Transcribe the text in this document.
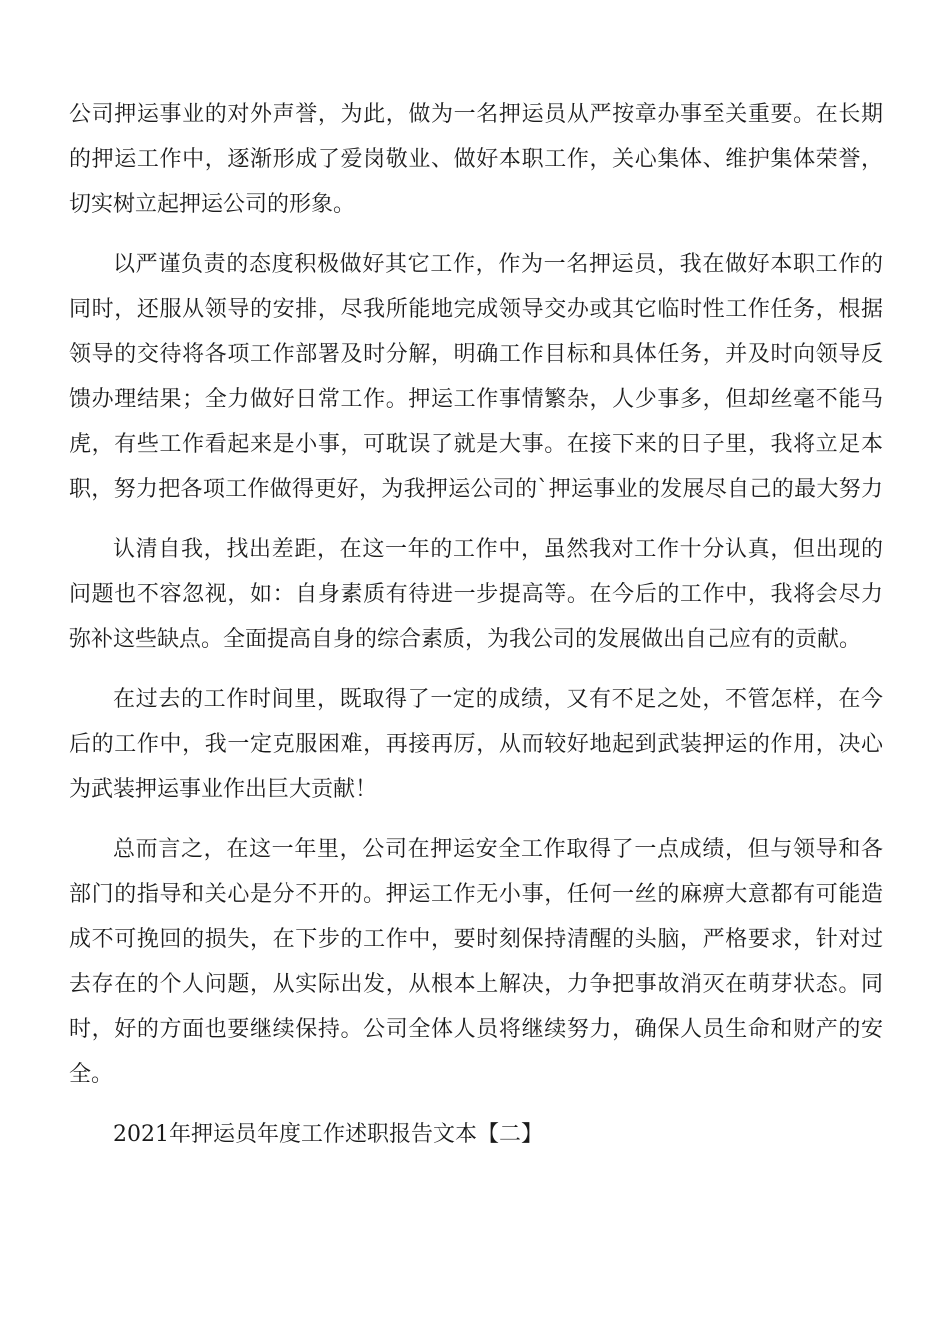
公司押运事业的对外声誉，为此，做为一名押运员从严按章办事至关重要。在长期
的押运工作中，逐渐形成了爱岗敬业、做好本职工作，关心集体、维护集体荣誉，
切实树立起押运公司的形象。

以严谨负责的态度积极做好其它工作，作为一名押运员，我在做好本职工作的
同时，还服从领导的安排，尽我所能地完成领导交办或其它临时性工作任务，根据
领导的交待将各项工作部署及时分解，明确工作目标和具体任务，并及时向领导反
馈办理结果；全力做好日常工作。押运工作事情繁杂，人少事多，但却丝毫不能马
虎，有些工作看起来是小事，可耽误了就是大事。在接下来的日子里，我将立足本
职，努力把各项工作做得更好，为我押运公司的`押运事业的发展尽自己的最大努力

认清自我，找出差距，在这一年的工作中，虽然我对工作十分认真，但出现的
问题也不容忽视，如：自身素质有待进一步提高等。在今后的工作中，我将会尽力
弥补这些缺点。全面提高自身的综合素质，为我公司的发展做出自己应有的贡献。

在过去的工作时间里，既取得了一定的成绩，又有不足之处，不管怎样，在今
后的工作中，我一定克服困难，再接再厉，从而较好地起到武装押运的作用，决心
为武装押运事业作出巨大贡献！

总而言之，在这一年里，公司在押运安全工作取得了一点成绩，但与领导和各
部门的指导和关心是分不开的。押运工作无小事，任何一丝的麻痹大意都有可能造
成不可挽回的损失，在下步的工作中，要时刻保持清醒的头脑，严格要求，针对过
去存在的个人问题，从实际出发，从根本上解决，力争把事故消灭在萌芽状态。同
时，好的方面也要继续保持。公司全体人员将继续努力，确保人员生命和财产的安
全。

2021年押运员年度工作述职报告文本【二】
